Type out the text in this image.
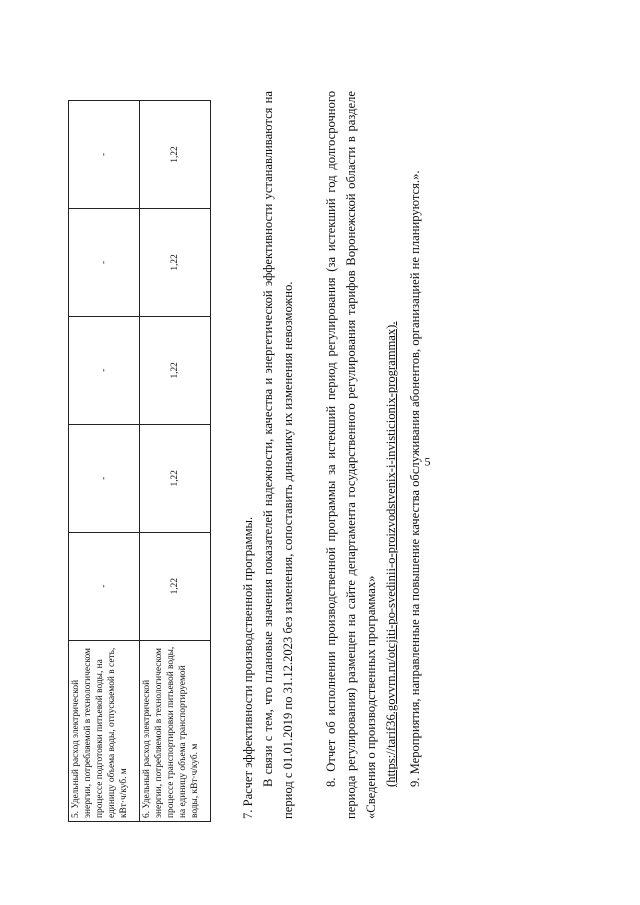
5
5. Удельный расход электрической энергии, потребляемой в технологическом процессе подготовки питьевой воды, на единицу объема воды, отпускаемой в сеть, кВт·ч/куб. м	-	-	-	-	-
6. Удельный расход электрической энергии, потребляемой в технологическом процессе транспортировки питьевой воды, на единицу объема транспортируемой воды, кВт·ч/куб. м	1,22	1,22	1,22	1,22	1,22
7. Расчет эффективности производственной программы. В связи с тем, что плановые значения показателей надежности, качества и энергетической эффективности устанавливаются на период с 01.01.2019 по 31.12.2023 без изменения, сопоставить динамику их изменения невозможно. 8. Отчет об исполнении производственной программы за истекший период регулирования (за истекший год долгосрочного периода регулирования) размещен на сайте департамента государственного регулирования тарифов Воронежской области в разделе «Сведения о производственных программах» (https://tarif36.govvrn.ru/otcjiti-po-svedinii-o-proizvodstvenix-i-invisticionix-programmax). 9. Мероприятия, направленные на повышение качества обслуживания абонентов, организацией не планируются.».
